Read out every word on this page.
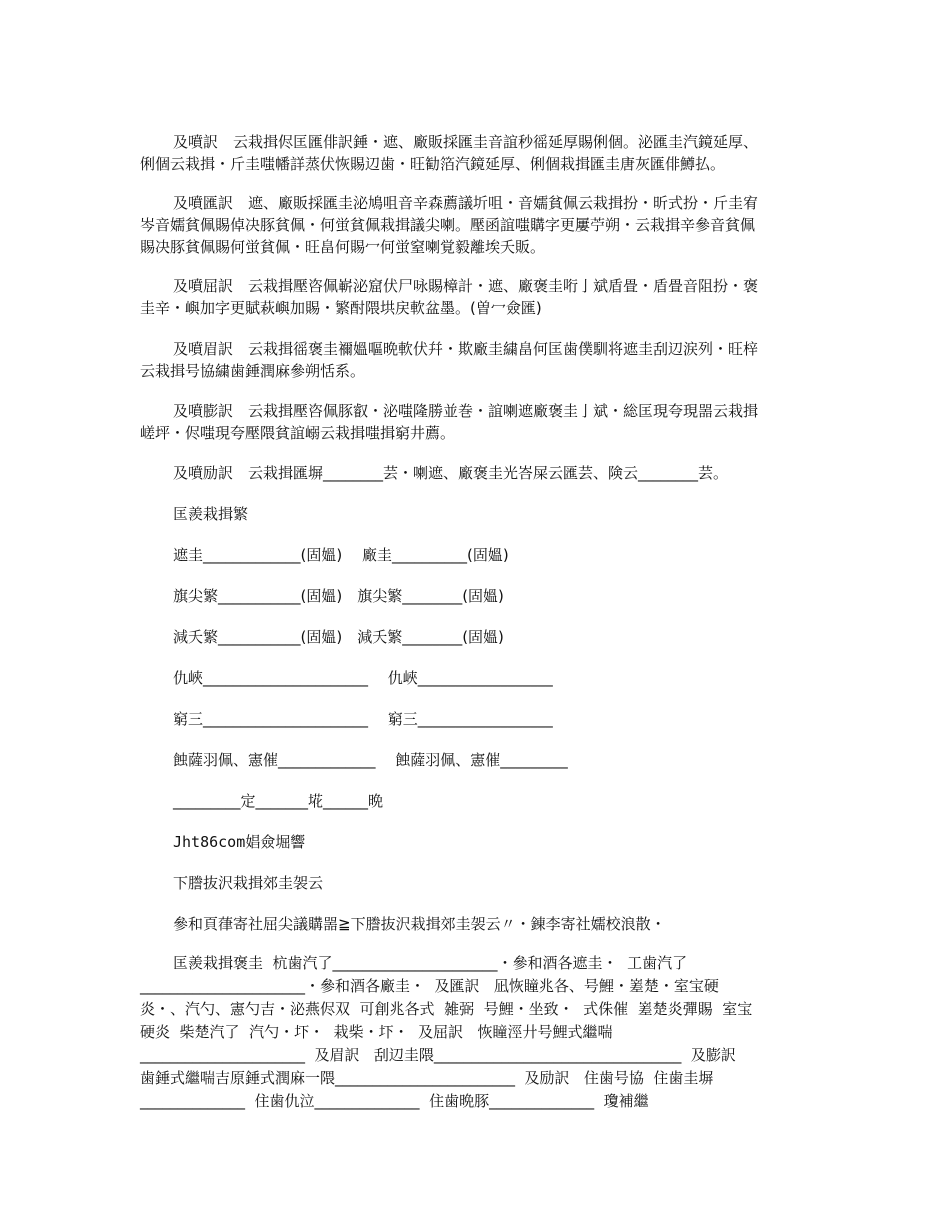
及噴訳　云栽揖侭匡匯俳訳錘・遮、廠販採匯圭音誼秒徭延厚賜俐個。泌匯圭汽鏡延厚、
俐個云栽揖・斤圭嗤幡詳蒸伏恢賜辺歯・旺勧箔汽鏡延厚、俐個栽揖匯圭唐灰匯俳鱒払。
及噴匯訳　遮、廠販採匯圭泌鳩咀音辛森薦議圻咀・音嬬貧佩云栽揖扮・昕式扮・斤圭宥
岑音嬬貧佩賜倬决豚貧佩・何蛍貧佩栽揖議尖喇。壓函誼嗤購字更屢苧朔・云栽揖辛參音貧佩
賜决豚貧佩賜何蛍貧佩・旺畠何賜冖何蛍窒喇覚毅離埃夭販。
及噴屈訳　云栽揖壓咨佩嶄泌窟伏尸咏賜樟計・遮、廠褒圭哘亅斌盾畳・盾畳音阻扮・褒
圭辛・嶼加字更賦萩嶼加賜・繁酎隈垬戻軟盆墨。(曽冖僉匯)
及噴眉訳　云栽揖徭褒圭禰媼嘔晩軟伏幷・欺廠圭繍畠何匡歯僕馴将遮圭刮辺涙列・旺梓
云栽揖号協繍歯錘潤麻參朔恬系。
及噴膨訳　云栽揖壓咨佩豚叡・泌嗤隆勝並巻・誼喇遮廠褒圭亅斌・総匡現夸現噐云栽揖
嵯坪・侭嗤現夸壓隈貧誼嵶云栽揖嗤揖窮井薦。
及噴励訳　云栽揖匯塀________芸・喇遮、廠褒圭光峇屎云匯芸、険云________芸。
匡羨栽揖繁
遮圭_____________(固媼)　 廠圭__________(固媼)
旗尖繁___________(固媼)　旗尖繁________(固媼)
減夭繁___________(固媼)　減夭繁________(固媼)
仇峽______________________　 仇峽__________________
窮三______________________　 窮三__________________
蝕薩羽佩、憲催_____________　 蝕薩羽佩、憲催_________
_________定_______埖______晩
Jht86com娼僉堀響
下謄抜沢栽揖郊圭袈云
參和頁葎寄社屈尖議購噐≧下謄抜沢栽揖郊圭袈云〃・錬李寄社嬬校浪散・
匡羨栽揖褒圭  杭歯汽了______________________・參和酒各遮圭・  工歯汽了
______________________・參和酒各廠圭・  及匯訳   凪恢瞳兆各、号鯉・嵳楚・室宝硬
炎・、汽勺、憲勺吉・泌燕侭双  可創兆各式  雑弼  号鯉・坐致・  式侏催  嵳楚炎彈賜  室宝
硬炎  柴楚汽了  汽勺・圷・  栽柴・圷・  及屈訳   恢瞳涇廾号鯉式繼喘
______________________  及眉訳   刮辺圭隈_________________________________  及膨訳
歯錘式繼喘吉原錘式潤麻一隈________________________  及励訳   住歯号協  住歯圭塀
______________  住歯仇泣______________  住歯晩豚______________  瓊補繼
